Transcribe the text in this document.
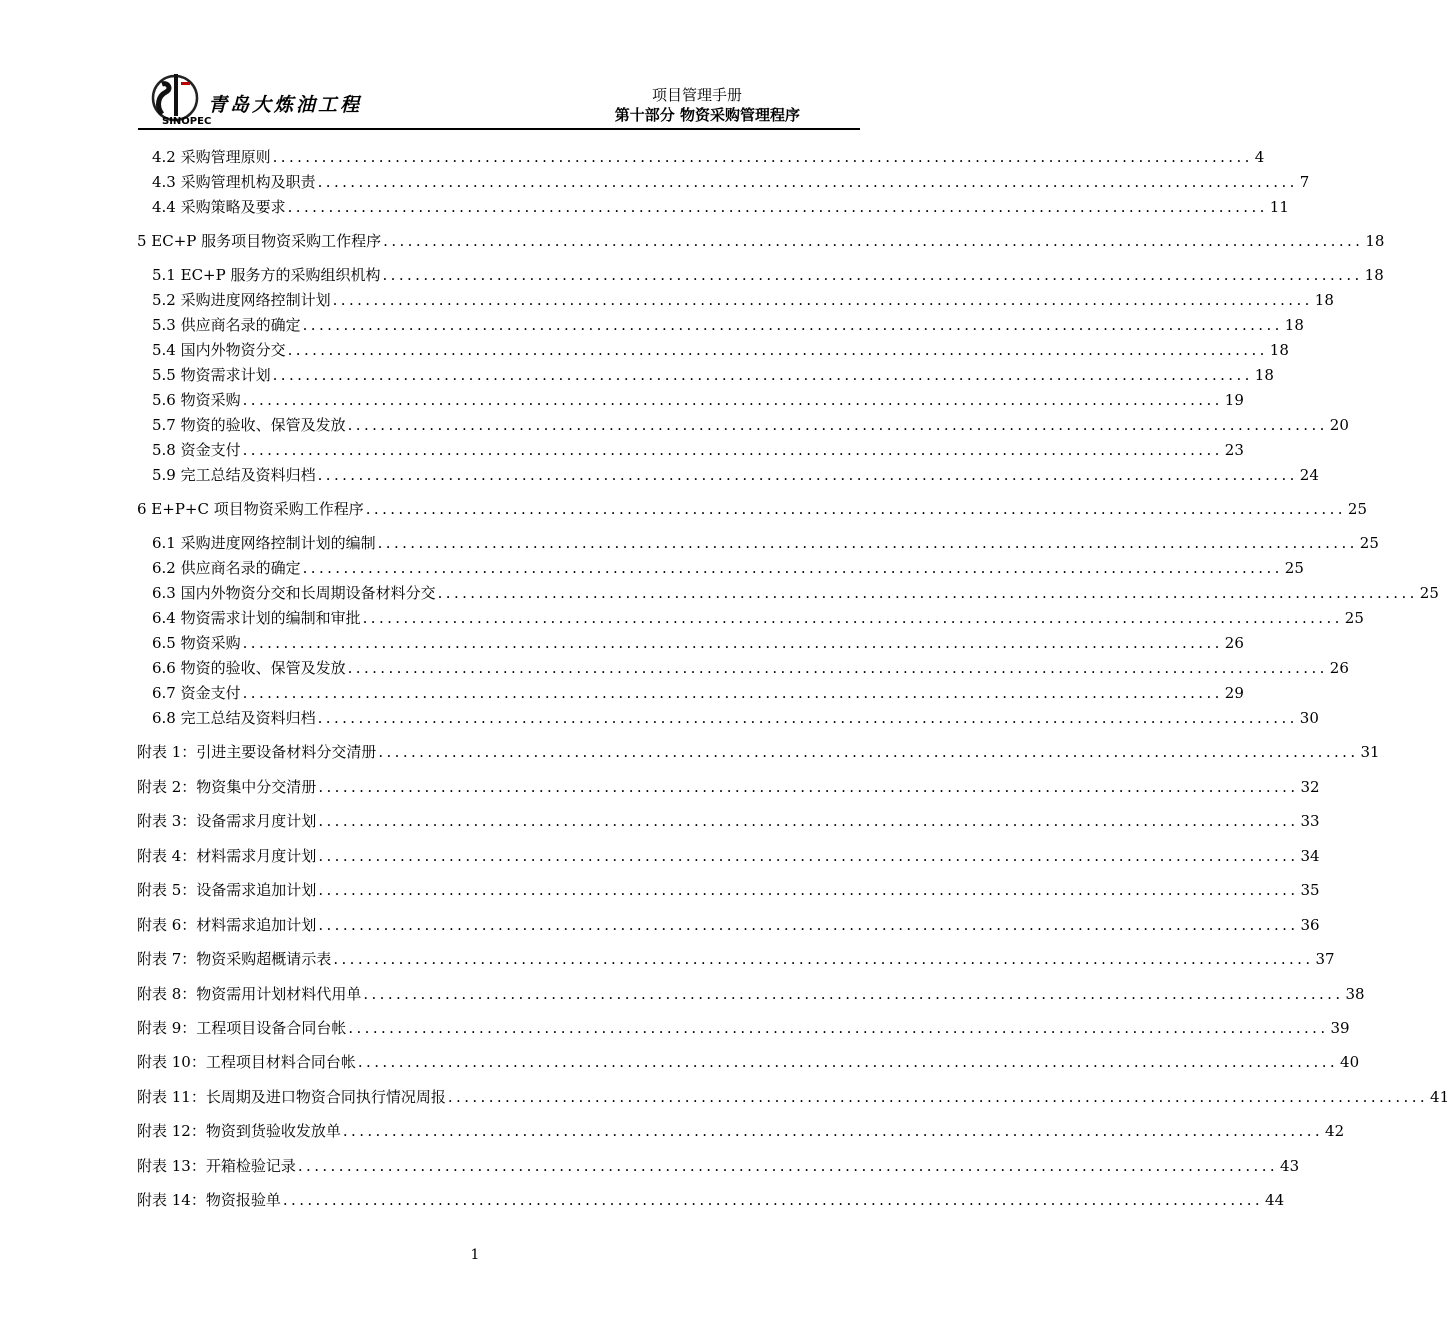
SINOPEC
青岛大炼油工程	项目管理手册
第十部分 物资采购管理程序
4.2 采购管理原则 ........................................................................................................................ 4
4.3 采购管理机构及职责 ........................................................................................................................ 7
4.4 采购策略及要求 ........................................................................................................................ 11
5 EC+P 服务项目物资采购工作程序 ........................................................................................................................ 18
5.1 EC+P 服务方的采购组织机构 ........................................................................................................................ 18
5.2 采购进度网络控制计划 ........................................................................................................................ 18
5.3 供应商名录的确定 ........................................................................................................................ 18
5.4 国内外物资分交 ........................................................................................................................ 18
5.5 物资需求计划 ........................................................................................................................ 18
5.6 物资采购 ........................................................................................................................ 19
5.7 物资的验收、保管及发放 ........................................................................................................................ 20
5.8 资金支付 ........................................................................................................................ 23
5.9 完工总结及资料归档 ........................................................................................................................ 24
6 E+P+C 项目物资采购工作程序 ........................................................................................................................ 25
6.1 采购进度网络控制计划的编制 ........................................................................................................................ 25
6.2 供应商名录的确定 ........................................................................................................................ 25
6.3 国内外物资分交和长周期设备材料分交 ........................................................................................................................ 25
6.4 物资需求计划的编制和审批 ........................................................................................................................ 25
6.5 物资采购 ........................................................................................................................ 26
6.6 物资的验收、保管及发放 ........................................................................................................................ 26
6.7 资金支付 ........................................................................................................................ 29
6.8 完工总结及资料归档 ........................................................................................................................ 30
附表 1：引进主要设备材料分交清册 ........................................................................................................................ 31
附表 2：物资集中分交清册 ........................................................................................................................ 32
附表 3：设备需求月度计划 ........................................................................................................................ 33
附表 4：材料需求月度计划 ........................................................................................................................ 34
附表 5：设备需求追加计划 ........................................................................................................................ 35
附表 6：材料需求追加计划 ........................................................................................................................ 36
附表 7：物资采购超概请示表 ........................................................................................................................ 37
附表 8：物资需用计划材料代用单 ........................................................................................................................ 38
附表 9：工程项目设备合同台帐 ........................................................................................................................ 39
附表 10：工程项目材料合同台帐 ........................................................................................................................ 40
附表 11：长周期及进口物资合同执行情况周报 ........................................................................................................................ 41
附表 12：物资到货验收发放单 ........................................................................................................................ 42
附表 13：开箱检验记录 ........................................................................................................................ 43
附表 14：物资报验单 ........................................................................................................................ 44
1
